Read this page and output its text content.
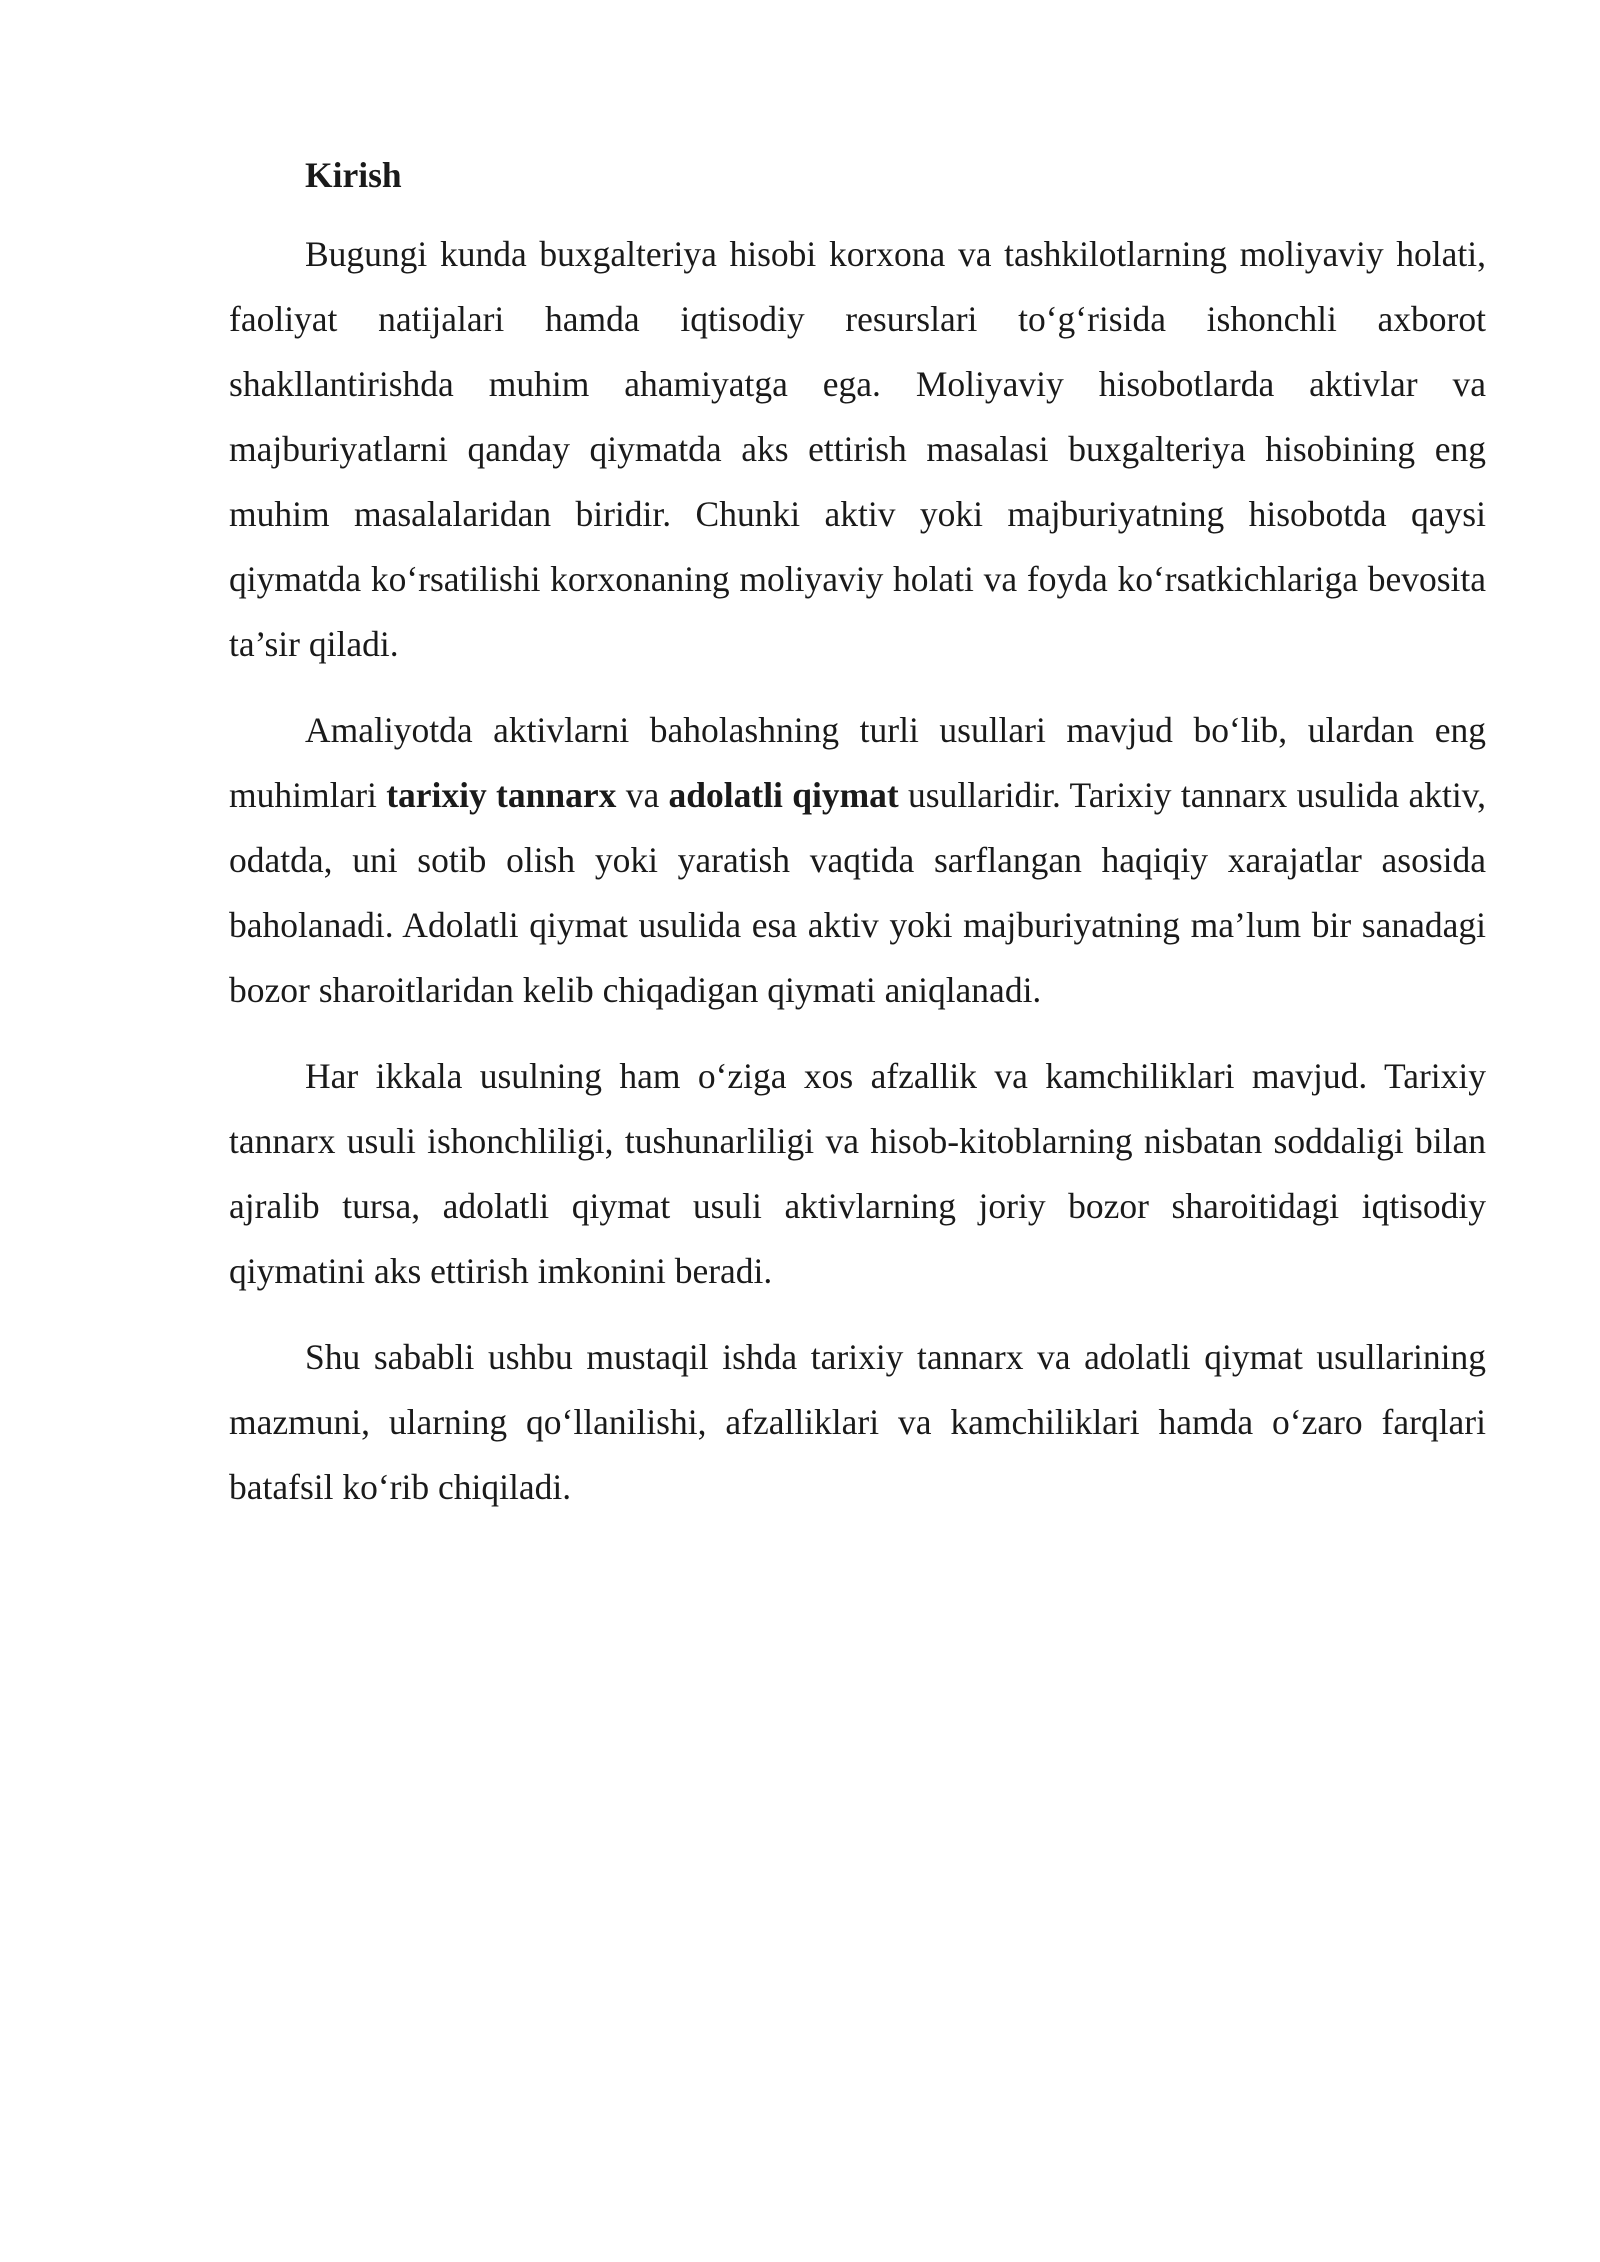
Kirish

Bugungi kunda buxgalteriya hisobi korxona va tashkilotlarning moliyaviy holati, faoliyat natijalari hamda iqtisodiy resurslari to‘g‘risida ishonchli axborot shakllantirishda muhim ahamiyatga ega. Moliyaviy hisobotlarda aktivlar va majburiyatlarni qanday qiymatda aks ettirish masalasi buxgalteriya hisobining eng muhim masalalaridan biridir. Chunki aktiv yoki majburiyatning hisobotda qaysi qiymatda ko‘rsatilishi korxonaning moliyaviy holati va foyda ko‘rsatkichlariga bevosita ta’sir qiladi.

Amaliyotda aktivlarni baholashning turli usullari mavjud bo‘lib, ulardan eng muhimlari tarixiy tannarx va adolatli qiymat usullaridir. Tarixiy tannarx usulida aktiv, odatda, uni sotib olish yoki yaratish vaqtida sarflangan haqiqiy xarajatlar asosida baholanadi. Adolatli qiymat usulida esa aktiv yoki majburiyatning ma’lum bir sanadagi bozor sharoitlaridan kelib chiqadigan qiymati aniqlanadi.

Har ikkala usulning ham o‘ziga xos afzallik va kamchiliklari mavjud. Tarixiy tannarx usuli ishonchliligi, tushunarliligi va hisob-kitoblarning nisbatan soddaligi bilan ajralib tursa, adolatli qiymat usuli aktivlarning joriy bozor sharoitidagi iqtisodiy qiymatini aks ettirish imkonini beradi.

Shu sababli ushbu mustaqil ishda tarixiy tannarx va adolatli qiymat usullarining mazmuni, ularning qo‘llanilishi, afzalliklari va kamchiliklari hamda o‘zaro farqlari batafsil ko‘rib chiqiladi.
